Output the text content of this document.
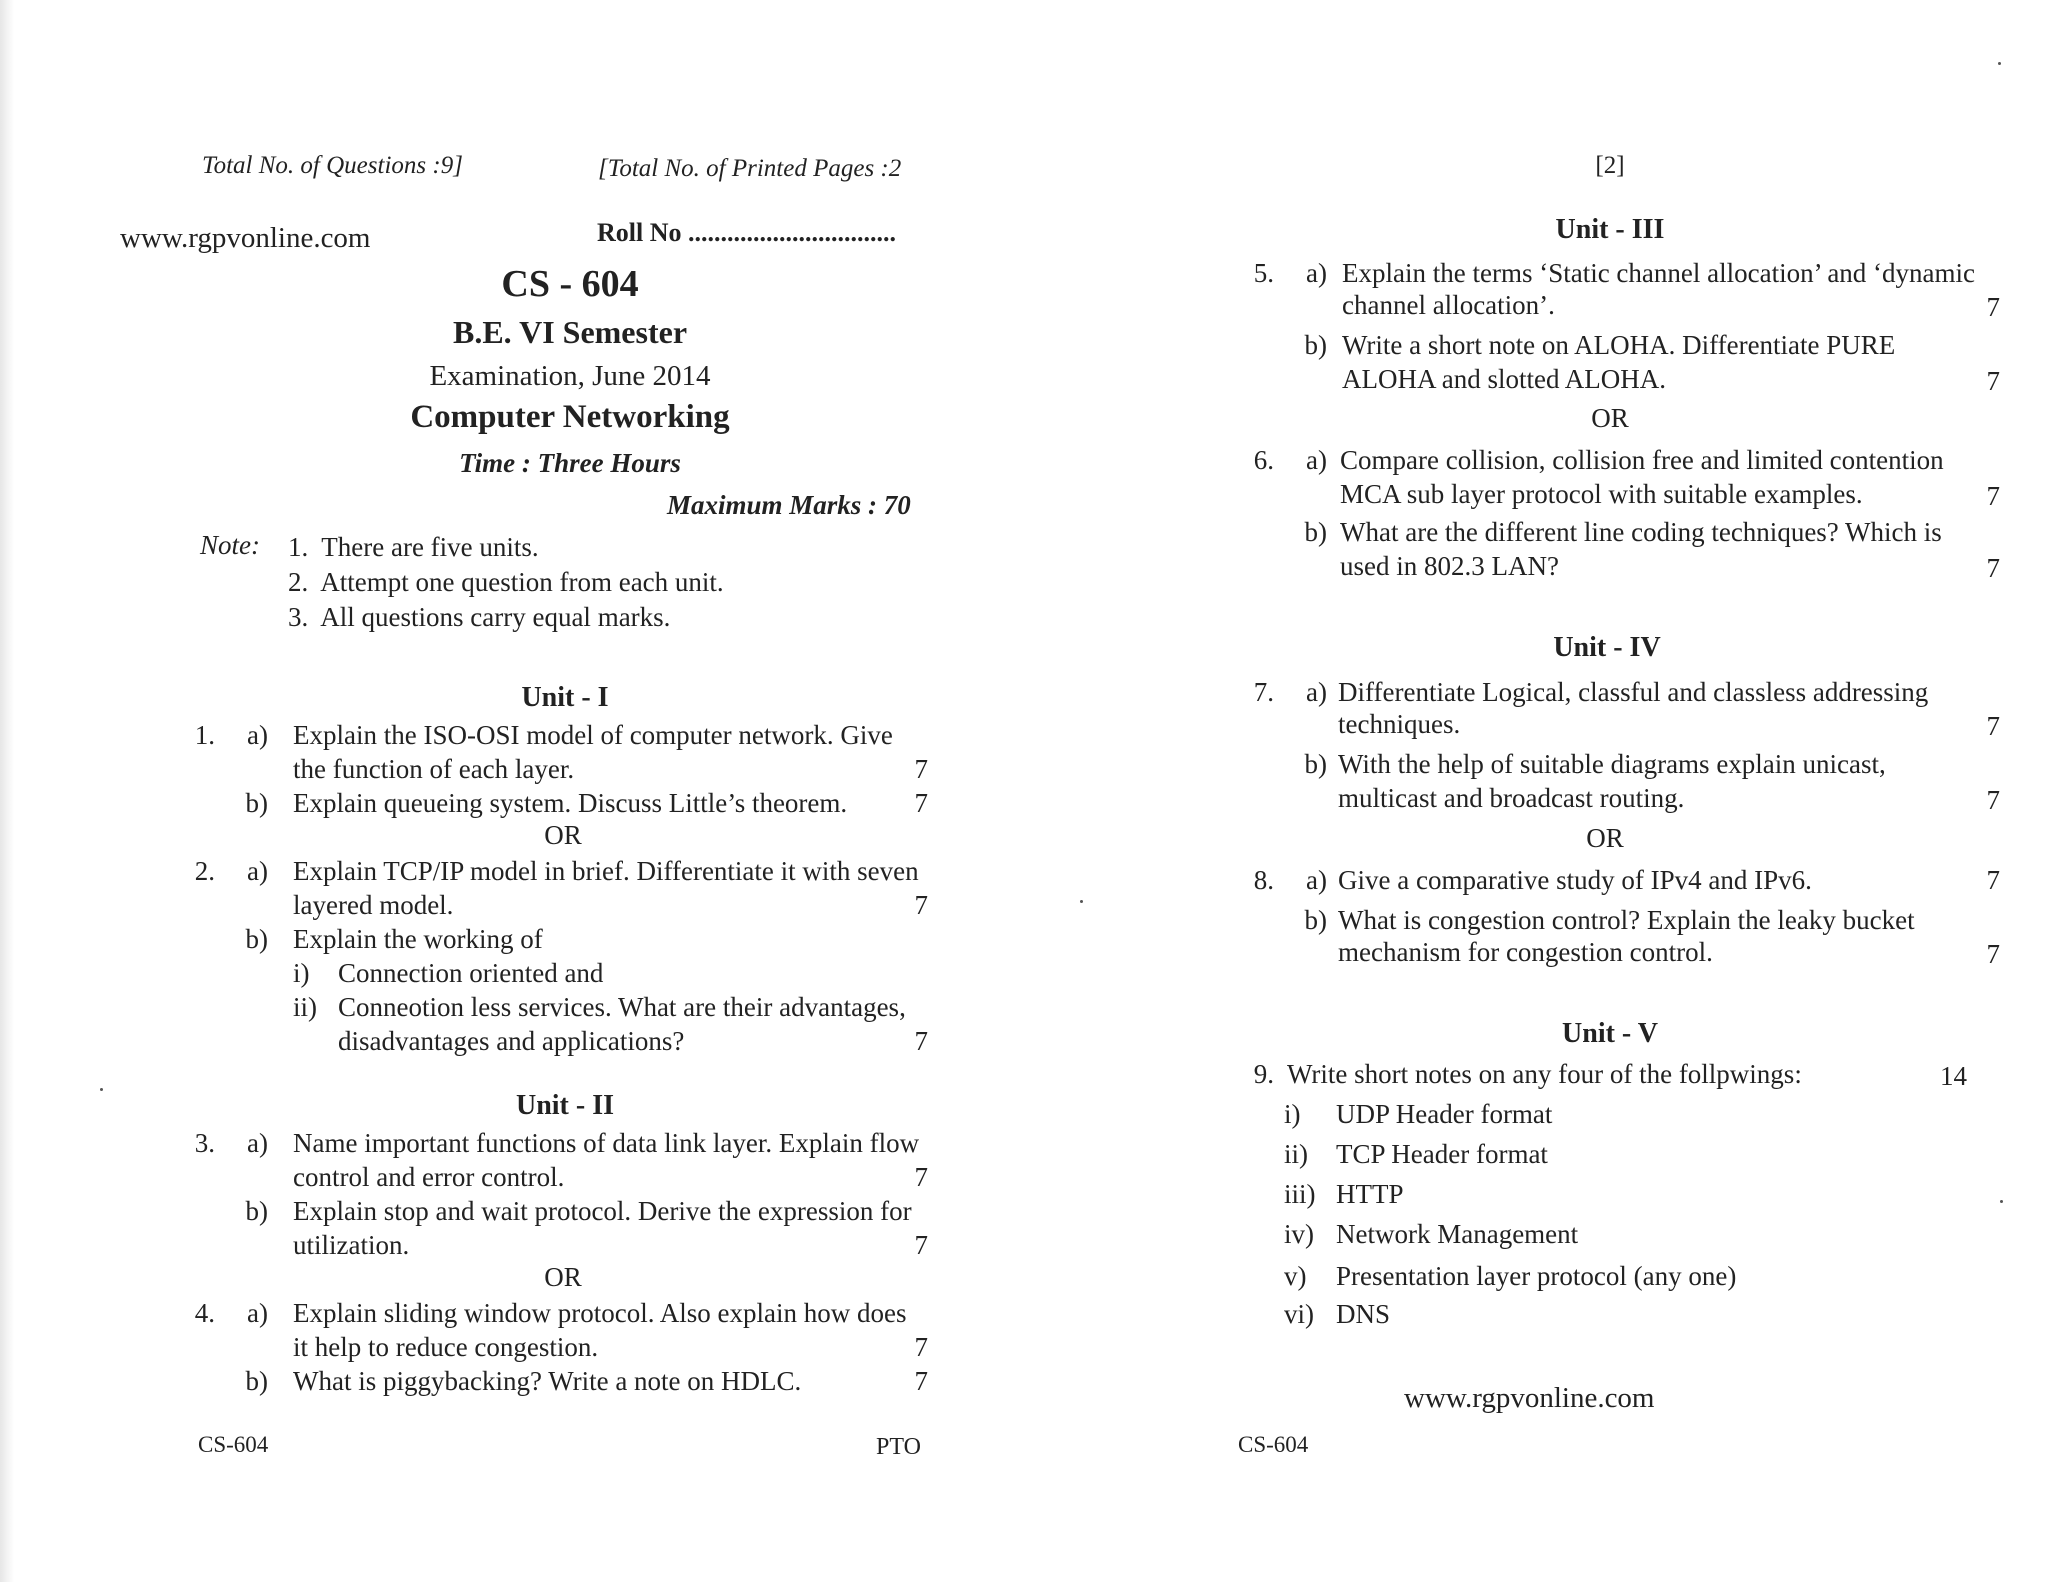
Total No. of Questions :9]	[Total No. of Printed Pages :2
www.rgpvonline.com	Roll No ................................
CS - 604
B.E. VI Semester
Examination, June 2014
Computer Networking
Time : Three Hours
Maximum Marks : 70
Note: 1. There are five units.
2. Attempt one question from each unit.
3. All questions carry equal marks.
Unit - I
1.	a) Explain the ISO-OSI model of computer network. Give
the function of each layer.	7
b) Explain queueing system. Discuss Little’s theorem.	7
OR
2.	a) Explain TCP/IP model in brief. Differentiate it with seven
layered model.	7
b) Explain the working of
i)	Connection oriented and
ii) Conneotion less services. What are their advantages,
disadvantages and applications?	7
Unit - II
3.	a) Name important functions of data link layer. Explain flow
control and error control.	7
b) Explain stop and wait protocol. Derive the expression for
utilization.	7
OR
4.	a) Explain sliding window protocol. Also explain how does
it help to reduce congestion.	7
b) What is piggybacking? Write a note on HDLC.	7
CS-604	PTO
[2]
Unit - III
5.	a) Explain the terms ‘Static channel allocation’ and ‘dynamic
channel allocation’.	7
b) Write a short note on ALOHA. Differentiate PURE
ALOHA and slotted ALOHA.	7
OR
6.	a) Compare collision, collision free and limited contention
MCA sub layer protocol with suitable examples.	7
b) What are the different line coding techniques? Which is
used in 802.3 LAN?	7
Unit - IV
7.	a) Differentiate Logical, classful and classless addressing
techniques.	7
b) With the help of suitable diagrams explain unicast,
multicast and broadcast routing.	7
OR
8.	a) Give a comparative study of IPv4 and IPv6.	7
b) What is congestion control? Explain the leaky bucket
mechanism for congestion control.	7
Unit - V
9. Write short notes on any four of the follpwings:	14
i) UDP Header format
ii) TCP Header format
iii) HTTP
iv) Network Management
v) Presentation layer protocol (any one)
vi) DNS
www.rgpvonline.com
CS-604
